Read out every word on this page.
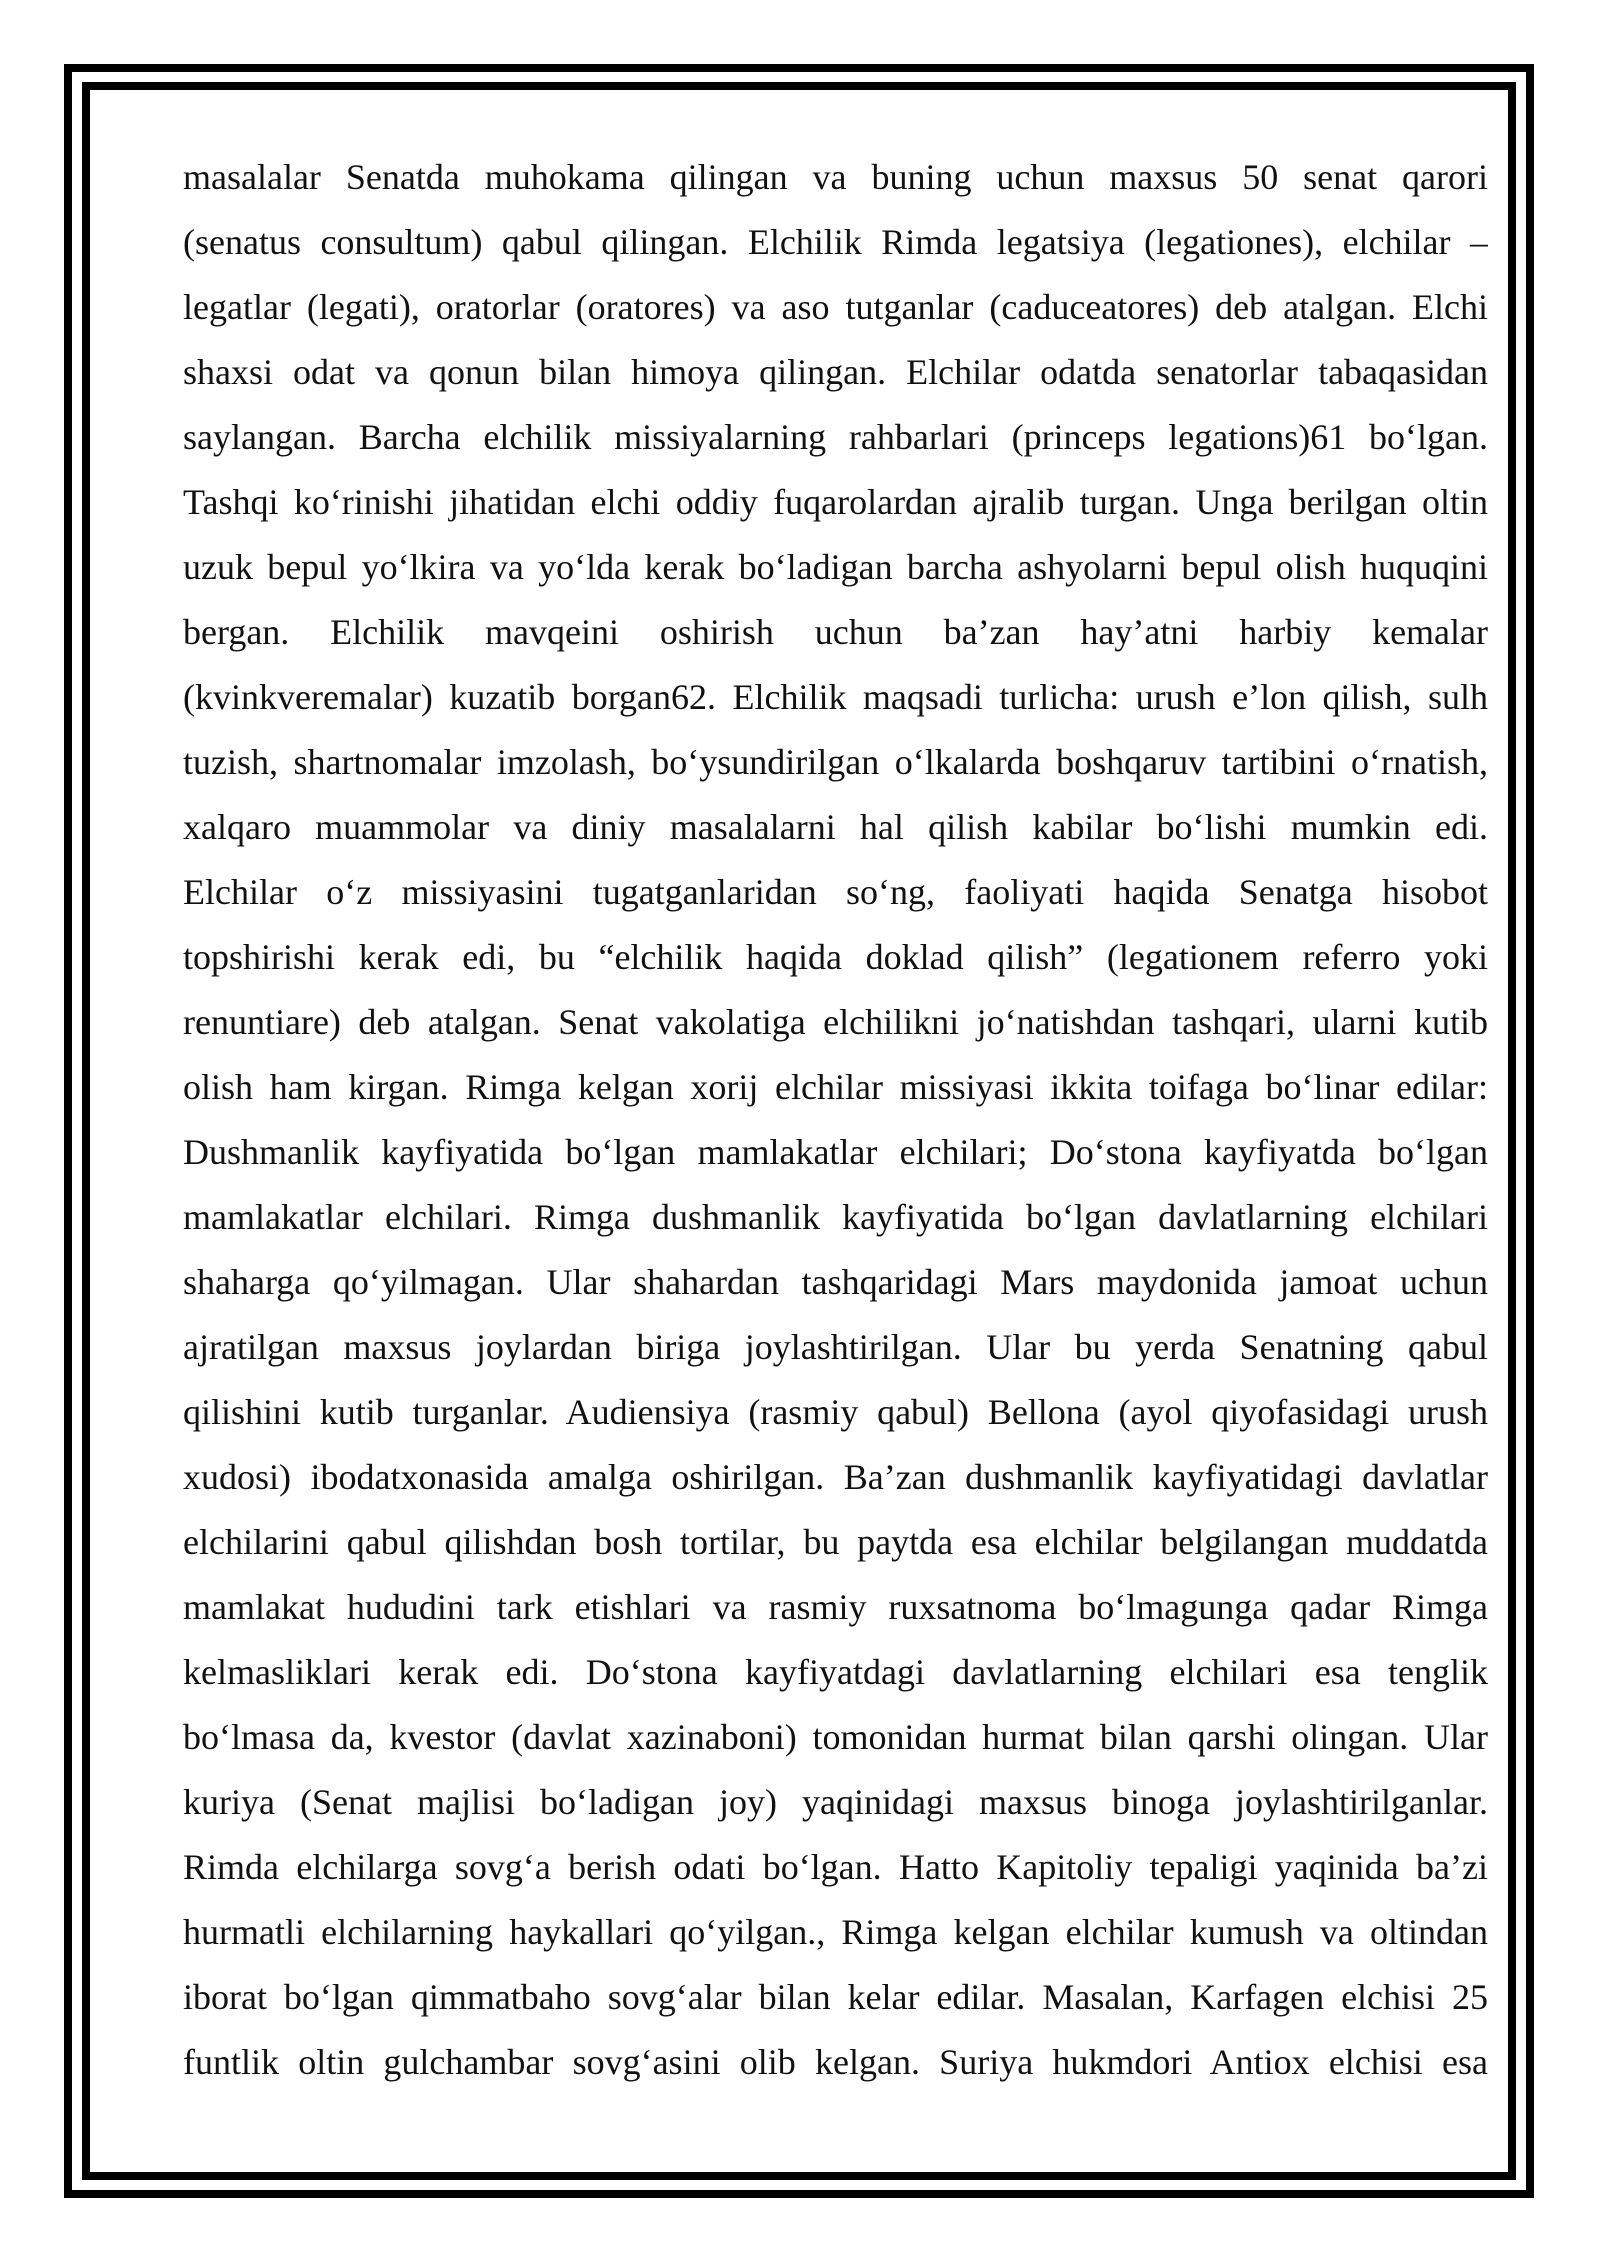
masalalar Senatda muhokama qilingan va buning uchun maxsus 50 senat qarori
(senatus consultum) qabul qilingan. Elchilik Rimda legatsiya (legationes), elchilar –
legatlar (legati), oratorlar (oratores) va aso tutganlar (caduceatores) deb atalgan. Elchi
shaxsi odat va qonun bilan himoya qilingan. Elchilar odatda senatorlar tabaqasidan
saylangan. Barcha elchilik missiyalarning rahbarlari (princeps legations)61 bo‘lgan.
Tashqi ko‘rinishi jihatidan elchi oddiy fuqarolardan ajralib turgan. Unga berilgan oltin
uzuk bepul yo‘lkira va yo‘lda kerak bo‘ladigan barcha ashyolarni bepul olish huquqini
bergan. Elchilik mavqeini oshirish uchun ba’zan hay’atni harbiy kemalar
(kvinkveremalar) kuzatib borgan62. Elchilik maqsadi turlicha: urush e’lon qilish, sulh
tuzish, shartnomalar imzolash, bo‘ysundirilgan o‘lkalarda boshqaruv tartibini o‘rnatish,
xalqaro muammolar va diniy masalalarni hal qilish kabilar bo‘lishi mumkin edi.
Elchilar o‘z missiyasini tugatganlaridan so‘ng, faoliyati haqida Senatga hisobot
topshirishi kerak edi, bu “elchilik haqida doklad qilish” (legationem referro yoki
renuntiare) deb atalgan. Senat vakolatiga elchilikni jo‘natishdan tashqari, ularni kutib
olish ham kirgan. Rimga kelgan xorij elchilar missiyasi ikkita toifaga bo‘linar edilar:
Dushmanlik kayfiyatida bo‘lgan mamlakatlar elchilari; Do‘stona kayfiyatda bo‘lgan
mamlakatlar elchilari. Rimga dushmanlik kayfiyatida bo‘lgan davlatlarning elchilari
shaharga qo‘yilmagan. Ular shahardan tashqaridagi Mars maydonida jamoat uchun
ajratilgan maxsus joylardan biriga joylashtirilgan. Ular bu yerda Senatning qabul
qilishini kutib turganlar. Audiensiya (rasmiy qabul) Bellona (ayol qiyofasidagi urush
xudosi) ibodatxonasida amalga oshirilgan. Ba’zan dushmanlik kayfiyatidagi davlatlar
elchilarini qabul qilishdan bosh tortilar, bu paytda esa elchilar belgilangan muddatda
mamlakat hududini tark etishlari va rasmiy ruxsatnoma bo‘lmagunga qadar Rimga
kelmasliklari kerak edi. Do‘stona kayfiyatdagi davlatlarning elchilari esa tenglik
bo‘lmasa da, kvestor (davlat xazinaboni) tomonidan hurmat bilan qarshi olingan. Ular
kuriya (Senat majlisi bo‘ladigan joy) yaqinidagi maxsus binoga joylashtirilganlar.
Rimda elchilarga sovg‘a berish odati bo‘lgan. Hatto Kapitoliy tepaligi yaqinida ba’zi
hurmatli elchilarning haykallari qo‘yilgan., Rimga kelgan elchilar kumush va oltindan
iborat bo‘lgan qimmatbaho sovg‘alar bilan kelar edilar. Masalan, Karfagen elchisi 25
funtlik oltin gulchambar sovg‘asini olib kelgan. Suriya hukmdori Antiox elchisi esa
